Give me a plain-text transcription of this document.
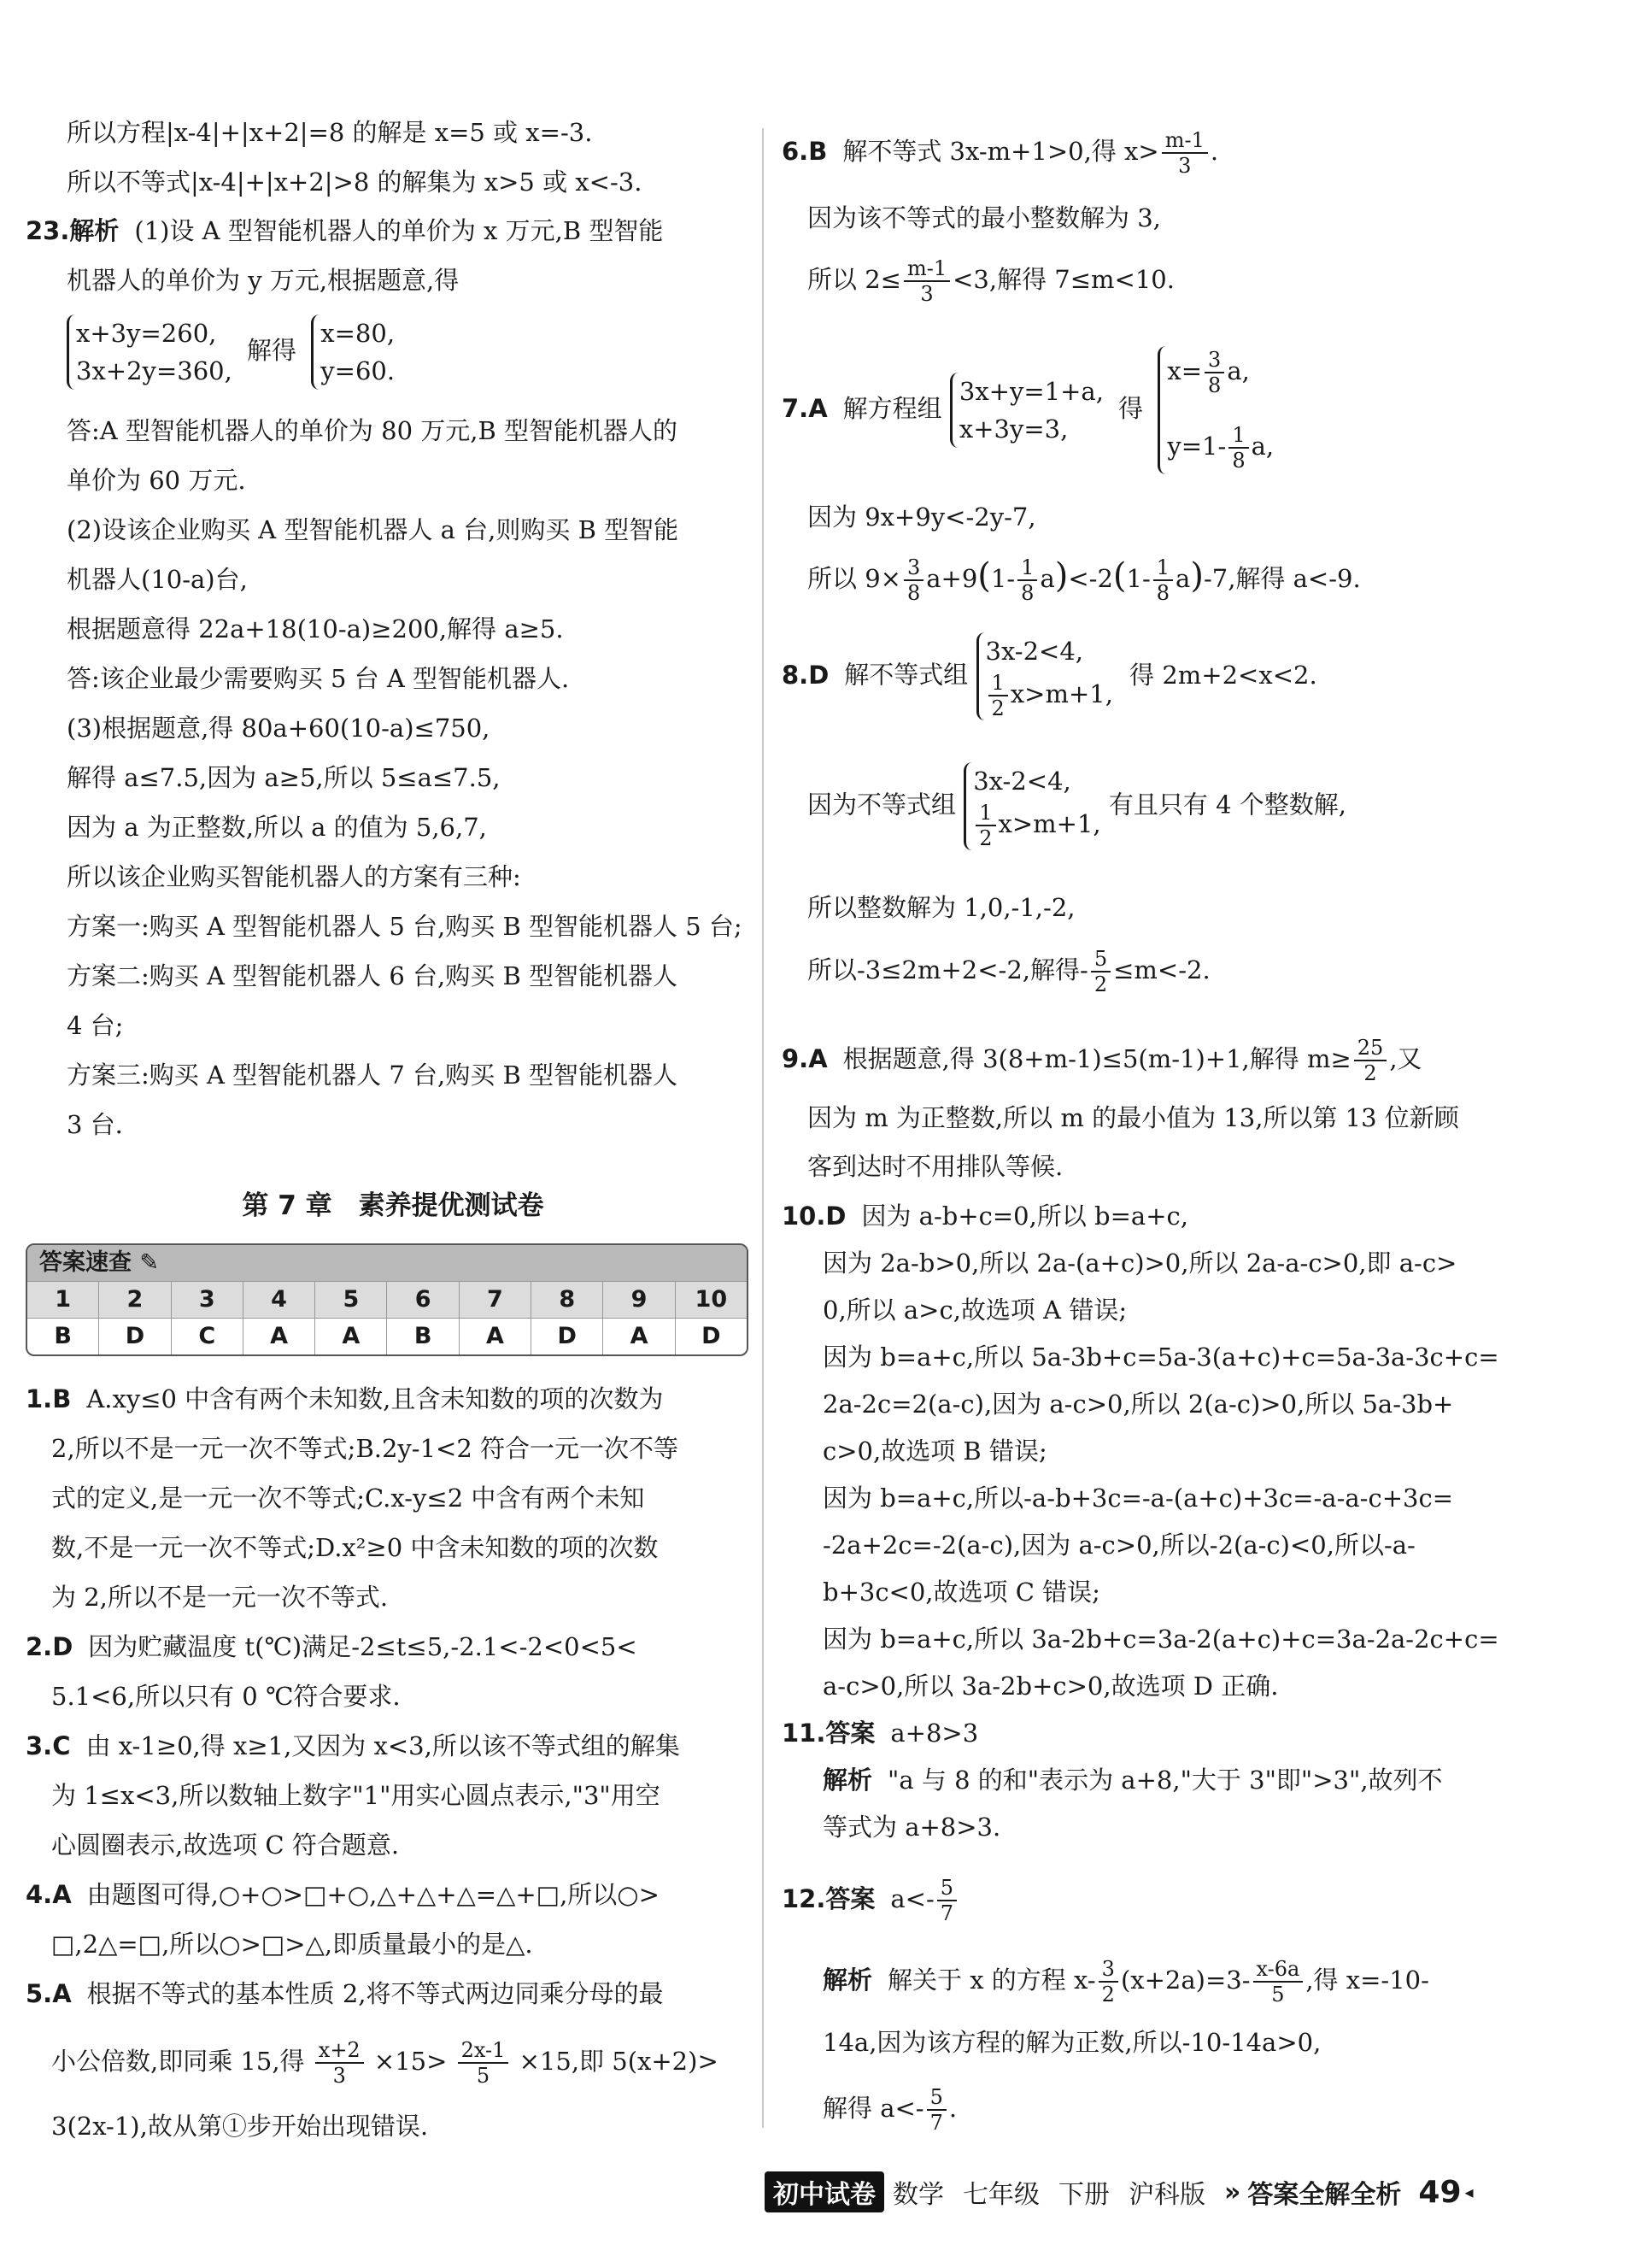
所以方程|x-4|+|x+2|=8 的解是 x=5 或 x=-3.
所以不等式|x-4|+|x+2|>8 的解集为 x>5 或 x<-3.
23.解析 (1)设 A 型智能机器人的单价为 x 万元,B 型智能
机器人的单价为 y 万元,根据题意,得
x+3y=260,
3x+2y=360,
解得
x=80,
y=60.
答:A 型智能机器人的单价为 80 万元,B 型智能机器人的
单价为 60 万元.
(2)设该企业购买 A 型智能机器人 a 台,则购买 B 型智能
机器人(10-a)台,
根据题意得 22a+18(10-a)≥200,解得 a≥5.
答:该企业最少需要购买 5 台 A 型智能机器人.
(3)根据题意,得 80a+60(10-a)≤750,
解得 a≤7.5,因为 a≥5,所以 5≤a≤7.5,
因为 a 为正整数,所以 a 的值为 5,6,7,
所以该企业购买智能机器人的方案有三种:
方案一:购买 A 型智能机器人 5 台,购买 B 型智能机器人 5 台;
方案二:购买 A 型智能机器人 6 台,购买 B 型智能机器人
4 台;
方案三:购买 A 型智能机器人 7 台,购买 B 型智能机器人
3 台.
第 7 章　素养提优测试卷
答案速查 ✎
1	2	3	4	5	6	7	8	9	10
B	D	C	A	A	B	A	D	A	D
1.B A.xy≤0 中含有两个未知数,且含未知数的项的次数为
2,所以不是一元一次不等式;B.2y-1<2 符合一元一次不等
式的定义,是一元一次不等式;C.x-y≤2 中含有两个未知
数,不是一元一次不等式;D.x²≥0 中含未知数的项的次数
为 2,所以不是一元一次不等式.
2.D 因为贮藏温度 t(℃)满足-2≤t≤5,-2.1<-2<0<5<
5.1<6,所以只有 0 ℃符合要求.
3.C 由 x-1≥0,得 x≥1,又因为 x<3,所以该不等式组的解集
为 1≤x<3,所以数轴上数字"1"用实心圆点表示,"3"用空
心圆圈表示,故选项 C 符合题意.
4.A 由题图可得,○+○>□+○,△+△+△=△+□,所以○>
□,2△=□,所以○>□>△,即质量最小的是△.
5.A 根据不等式的基本性质 2,将不等式两边同乘分母的最
小公倍数,即同乘 15,得 $\frac{x+2}{3} \times 15> \frac{2x-1}{5} \times 15$,即 5(x+2)>
3(2x-1),故从第①步开始出现错误.
6.B 解不等式 3x-m+1>0,得 $x> \frac{m-1}{3}$ .
因为该不等式的最小整数解为 3,
所以 $2\le \frac{m-1}{3} <3$,解得 7≤m<10.
7.A 解方程组
3x+y=1+a,
x+3y=3,
得
$x= \frac{3}{8} a$,
$y=1- \frac{1}{8} a$,
因为 9x+9y<-2y-7,
所以 $9\times \frac{3}{8} a+9(1- \frac{1}{8} a)<-2(1- \frac{1}{8} a)-7$,解得 a<-9.
8.D 解不等式组
3x-2<4,
$\frac{1}{2} x>m+1$,
得 2m+2<x<2.
因为不等式组
3x-2<4,
$\frac{1}{2} x>m+1$,
有且只有 4 个整数解,
所以整数解为 1,0,-1,-2,
所以-3≤2m+2<-2,解得- $\frac{5}{2} \le m<-2$.
9.A 根据题意,得 3(8+m-1)≤5(m-1)+1,解得 $m\ge \frac{25}{2}$ ,又
因为 m 为正整数,所以 m 的最小值为 13,所以第 13 位新顾
客到达时不用排队等候.
10.D 因为 a-b+c=0,所以 b=a+c,
因为 2a-b>0,所以 2a-(a+c)>0,所以 2a-a-c>0,即 a-c>
0,所以 a>c,故选项 A 错误;
因为 b=a+c,所以 5a-3b+c=5a-3(a+c)+c=5a-3a-3c+c=
2a-2c=2(a-c),因为 a-c>0,所以 2(a-c)>0,所以 5a-3b+
c>0,故选项 B 错误;
因为 b=a+c,所以-a-b+3c=-a-(a+c)+3c=-a-a-c+3c=
-2a+2c=-2(a-c),因为 a-c>0,所以-2(a-c)<0,所以-a-
b+3c<0,故选项 C 错误;
因为 b=a+c,所以 3a-2b+c=3a-2(a+c)+c=3a-2a-2c+c=
a-c>0,所以 3a-2b+c>0,故选项 D 正确.
11.答案 a+8>3
解析 "a 与 8 的和"表示为 a+8,"大于 3"即">3",故列不
等式为 a+8>3.
12.答案 $a<- \frac{5}{7}$
解析 解关于 x 的方程 $x- \frac{3}{2} (x+2a)=3- \frac{x-6a}{5}$ ,得 x=-10-
14a,因为该方程的解为正数,所以-10-14a>0,
解得 $a<- \frac{5}{7}$ .
初中试卷 数学 七年级 下册 沪科版 » 答案全解全析 49 ◂
